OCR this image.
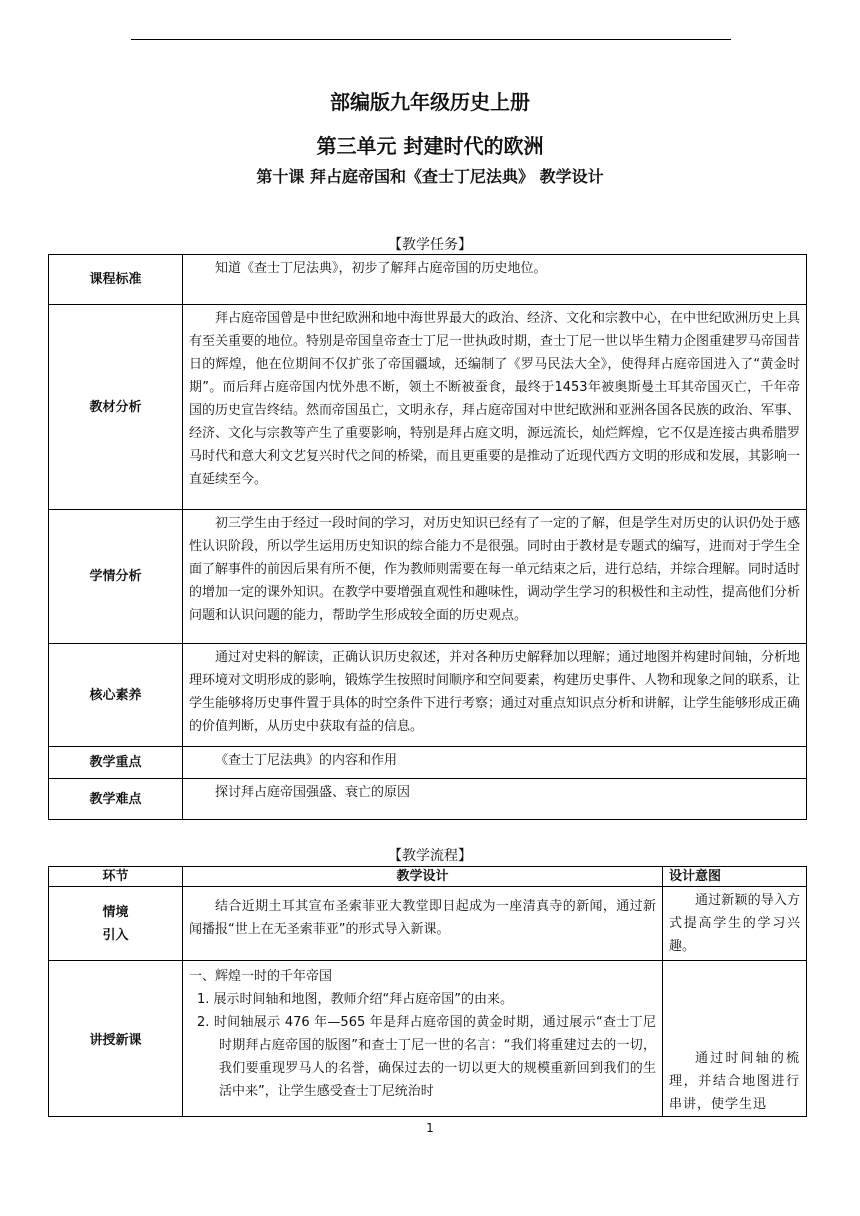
部编版九年级历史上册
第三单元 封建时代的欧洲
第十课 拜占庭帝国和《查士丁尼法典》 教学设计
【教学任务】
课程标准	知道《查士丁尼法典》，初步了解拜占庭帝国的历史地位。
教材分析	拜占庭帝国曾是中世纪欧洲和地中海世界最大的政治、经济、文化和宗教中心，在中世纪欧洲历史上具有至关重要的地位。特别是帝国皇帝查士丁尼一世执政时期，查士丁尼一世以毕生精力企图重建罗马帝国昔日的辉煌，他在位期间不仅扩张了帝国疆域，还编制了《罗马民法大全》，使得拜占庭帝国进入了“黄金时期”。而后拜占庭帝国内忧外患不断，领土不断被蚕食，最终于1453年被奥斯曼土耳其帝国灭亡，千年帝国的历史宣告终结。然而帝国虽亡，文明永存，拜占庭帝国对中世纪欧洲和亚洲各国各民族的政治、军事、经济、文化与宗教等产生了重要影响，特别是拜占庭文明，源远流长，灿烂辉煌，它不仅是连接古典希腊罗马时代和意大利文艺复兴时代之间的桥梁，而且更重要的是推动了近现代西方文明的形成和发展，其影响一直延续至今。
学情分析	初三学生由于经过一段时间的学习，对历史知识已经有了一定的了解，但是学生对历史的认识仍处于感性认识阶段，所以学生运用历史知识的综合能力不是很强。同时由于教材是专题式的编写，进而对于学生全面了解事件的前因后果有所不便，作为教师则需要在每一单元结束之后，进行总结，并综合理解。同时适时的增加一定的课外知识。在教学中要增强直观性和趣味性，调动学生学习的积极性和主动性，提高他们分析问题和认识问题的能力，帮助学生形成较全面的历史观点。
核心素养	通过对史料的解读，正确认识历史叙述，并对各种历史解释加以理解；通过地图并构建时间轴，分析地理环境对文明形成的影响，锻炼学生按照时间顺序和空间要素，构建历史事件、人物和现象之间的联系，让学生能够将历史事件置于具体的时空条件下进行考察；通过对重点知识点分析和讲解，让学生能够形成正确的价值判断，从历史中获取有益的信息。
教学重点	《查士丁尼法典》的内容和作用
教学难点	探讨拜占庭帝国强盛、衰亡的原因
【教学流程】
环节	教学设计	设计意图

情境
引入	结合近期土耳其宣布圣索菲亚大教堂即日起成为一座清真寺的新闻，通过新闻播报“世上在无圣索菲亚”的形式导入新课。	通过新颖的导入方式提高学生的学习兴趣。
讲授新课	一、辉煌一时的千年帝国
1. 展示时间轴和地图，教师介绍“拜占庭帝国”的由来。
2. 时间轴展示 476 年—565 年是拜占庭帝国的黄金时期，通过展示“查士丁尼时期拜占庭帝国的版图”和查士丁尼一世的名言：“我们将重建过去的一切，我们要重现罗马人的名誉，确保过去的一切以更大的规模重新回到我们的生活中来”，让学生感受查士丁尼统治时	通过时间轴的梳理，并结合地图进行串讲，使学生迅
1
